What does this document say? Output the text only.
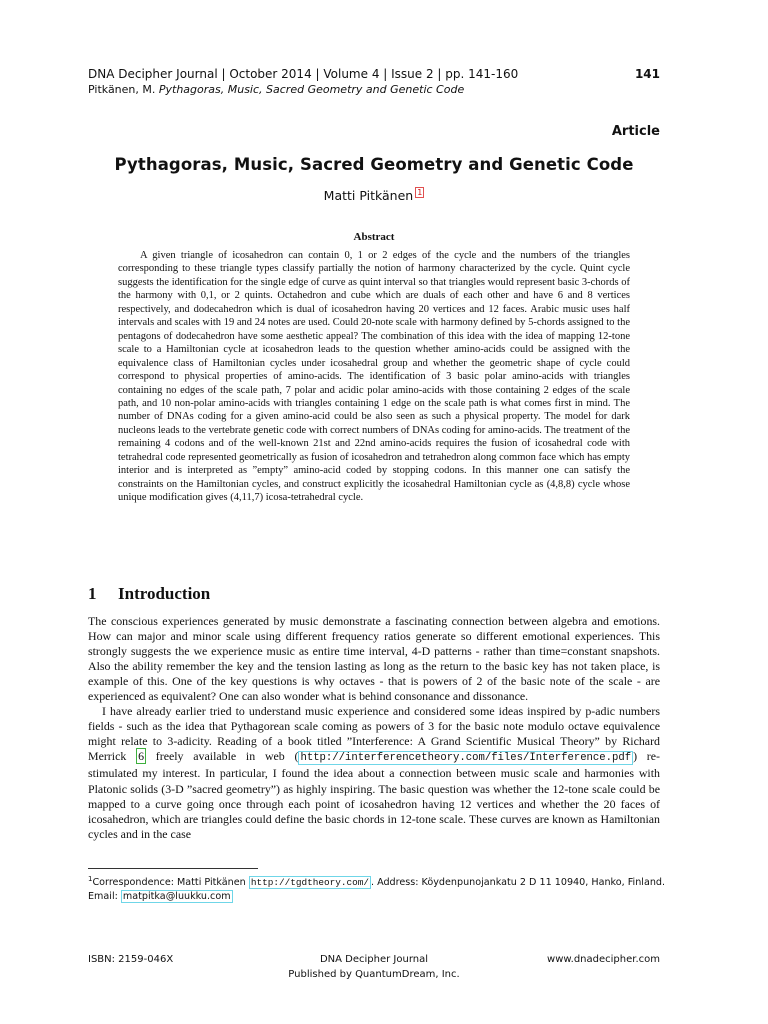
DNA Decipher Journal | October 2014 | Volume 4 | Issue 2 | pp. 141-160	141
Pitkänen, M. Pythagoras, Music, Sacred Geometry and Genetic Code
Article
Pythagoras, Music, Sacred Geometry and Genetic Code
Matti Pitkänen $^1$
Abstract

A given triangle of icosahedron can contain 0, 1 or 2 edges of the cycle and the numbers of the triangles corresponding to these triangle types classify partially the notion of harmony characterized by the cycle. Quint cycle suggests the identification for the single edge of curve as quint interval so that triangles would represent basic 3-chords of the harmony with 0,1, or 2 quints. Octahedron and cube which are duals of each other and have 6 and 8 vertices respectively, and dodecahedron which is dual of icosahedron having 20 vertices and 12 faces. Arabic music uses half intervals and scales with 19 and 24 notes are used. Could 20-note scale with harmony defined by 5-chords assigned to the pentagons of dodecahedron have some aesthetic appeal? The combination of this idea with the idea of mapping 12-tone scale to a Hamiltonian cycle at icosahedron leads to the question whether amino-acids could be assigned with the equivalence class of Hamiltonian cycles under icosahedral group and whether the geometric shape of cycle could correspond to physical properties of amino-acids. The identification of 3 basic polar amino-acids with triangles containing no edges of the scale path, 7 polar and acidic polar amino-acids with those containing 2 edges of the scale path, and 10 non-polar amino-acids with triangles containing 1 edge on the scale path is what comes first in mind. The number of DNAs coding for a given amino-acid could be also seen as such a physical property. The model for dark nucleons leads to the vertebrate genetic code with correct numbers of DNAs coding for amino-acids. The treatment of the remaining 4 codons and of the well-known 21st and 22nd amino-acids requires the fusion of icosahedral code with tetrahedral code represented geometrically as fusion of icosahedron and tetrahedron along common face which has empty interior and is interpreted as ”empty” amino-acid coded by stopping codons. In this manner one can satisfy the constraints on the Hamiltonian cycles, and construct explicitly the icosahedral Hamiltonian cycle as (4,8,8) cycle whose unique modification gives (4,11,7) icosa-tetrahedral cycle.

1 Introduction

The conscious experiences generated by music demonstrate a fascinating connection between algebra and emotions. How can major and minor scale using different frequency ratios generate so different emotional experiences. This strongly suggests the we experience music as entire time interval, 4-D patterns - rather than time=constant snapshots. Also the ability remember the key and the tension lasting as long as the return to the basic key has not taken place, is example of this. One of the key questions is why octaves - that is powers of 2 of the basic note of the scale - are experienced as equivalent? One can also wonder what is behind consonance and dissonance.

I have already earlier tried to understand music experience and considered some ideas inspired by p-adic numbers fields - such as the idea that Pythagorean scale coming as powers of 3 for the basic note modulo octave equivalence might relate to 3-adicity. Reading of a book titled ”Interference: A Grand Scientific Musical Theory” by Richard Merrick 6 freely available in web ( http://interferencetheory.com/files/Interference.pdf ) re-stimulated my interest. In particular, I found the idea about a connection between music scale and harmonies with Platonic solids (3-D ”sacred geometry”) as highly inspiring. The basic question was whether the 12-tone scale could be mapped to a curve going once through each point of icosahedron having 12 vertices and whether the 20 faces of icosahedron, which are triangles could define the basic chords in 12-tone scale. These curves are known as Hamiltonian cycles and in the case

$^1$Correspondence: Matti Pitkänen http://tgdtheory.com/ . Address: Köydenpunojankatu 2 D 11 10940, Hanko, Finland.
Email: matpitka@luukku.com
ISBN: 2159-046X	DNA Decipher Journal
Published by QuantumDream, Inc.
www.dnadecipher.com
